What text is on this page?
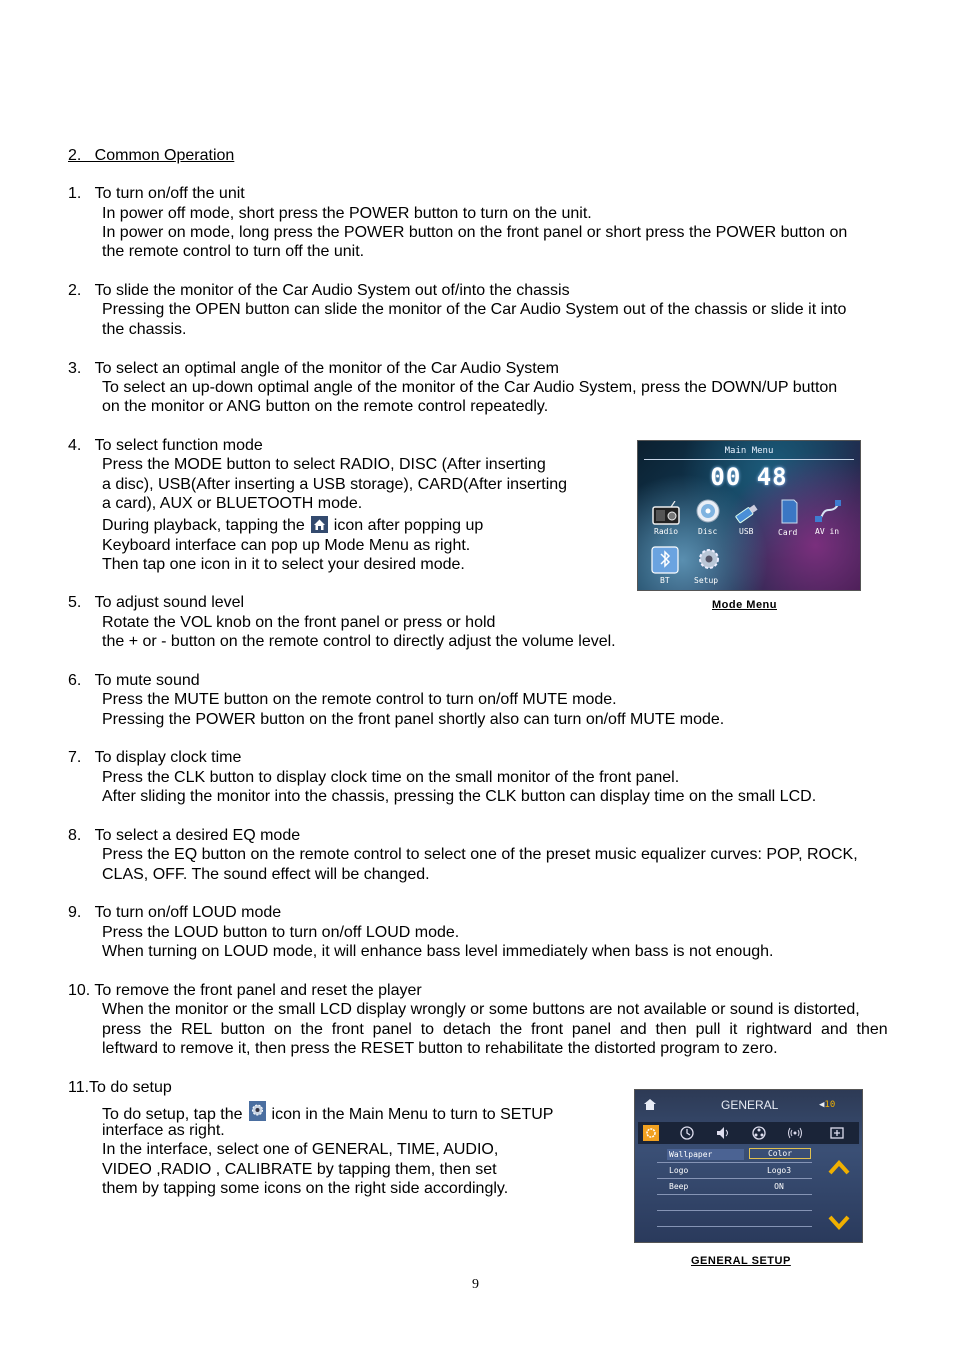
2.   Common Operation
1.   To turn on/off the unit
In power off mode, short press the POWER button to turn on the unit.
In power on mode, long press the POWER button on the front panel or short press the POWER button on
the remote control to turn off the unit.
2.   To slide the monitor of the Car Audio System out of/into the chassis
Pressing the OPEN button can slide the monitor of the Car Audio System out of the chassis or slide it into
the chassis.
3.   To select an optimal angle of the monitor of the Car Audio System
To select an up-down optimal angle of the monitor of the Car Audio System, press the DOWN/UP button
on the monitor or ANG button on the remote control repeatedly.
4.   To select function mode
Press the MODE button to select RADIO, DISC (After inserting
a disc), USB(After inserting a USB storage), CARD(After inserting
a card), AUX or BLUETOOTH mode.
During playback, tapping the icon after popping up
Keyboard interface can pop up Mode Menu as right.
Then tap one icon in it to select your desired mode.
Main Menu
00 48
Radio Disc	USB	Card AV in
BT	Setup
Mode Menu
5.   To adjust sound level
Rotate the VOL knob on the front panel or press or hold
the + or - button on the remote control to directly adjust the volume level.
6.   To mute sound
Press the MUTE button on the remote control to turn on/off MUTE mode.
Pressing the POWER button on the front panel shortly also can turn on/off MUTE mode.
7.   To display clock time
Press the CLK button to display clock time on the small monitor of the front panel.
After sliding the monitor into the chassis, pressing the CLK button can display time on the small LCD.
8.   To select a desired EQ mode
Press the EQ button on the remote control to select one of the preset music equalizer curves: POP, ROCK,
CLAS, OFF. The sound effect will be changed.
9.   To turn on/off LOUD mode
Press the LOUD button to turn on/off LOUD mode.
When turning on LOUD mode, it will enhance bass level immediately when bass is not enough.
10. To remove the front panel and reset the player
When the monitor or the small LCD display wrongly or some buttons are not available or sound is distorted,
press  the  REL  button  on  the  front  panel  to  detach  the  front  panel  and  then  pull  it  rightward  and  then
leftward to remove it, then press the RESET button to rehabilitate the distorted program to zero.
11.To do setup
To do setup, tap the icon in the Main Menu to turn to SETUP
interface as right.
In the interface, select one of GENERAL, TIME, AUDIO,
VIDEO ,RADIO , CALIBRATE by tapping them, then set
them by tapping some icons on the right side accordingly.
GENERAL	◀10
Wallpaper	Color
Logo	Logo3
Beep	ON
GENERAL SETUP
9
